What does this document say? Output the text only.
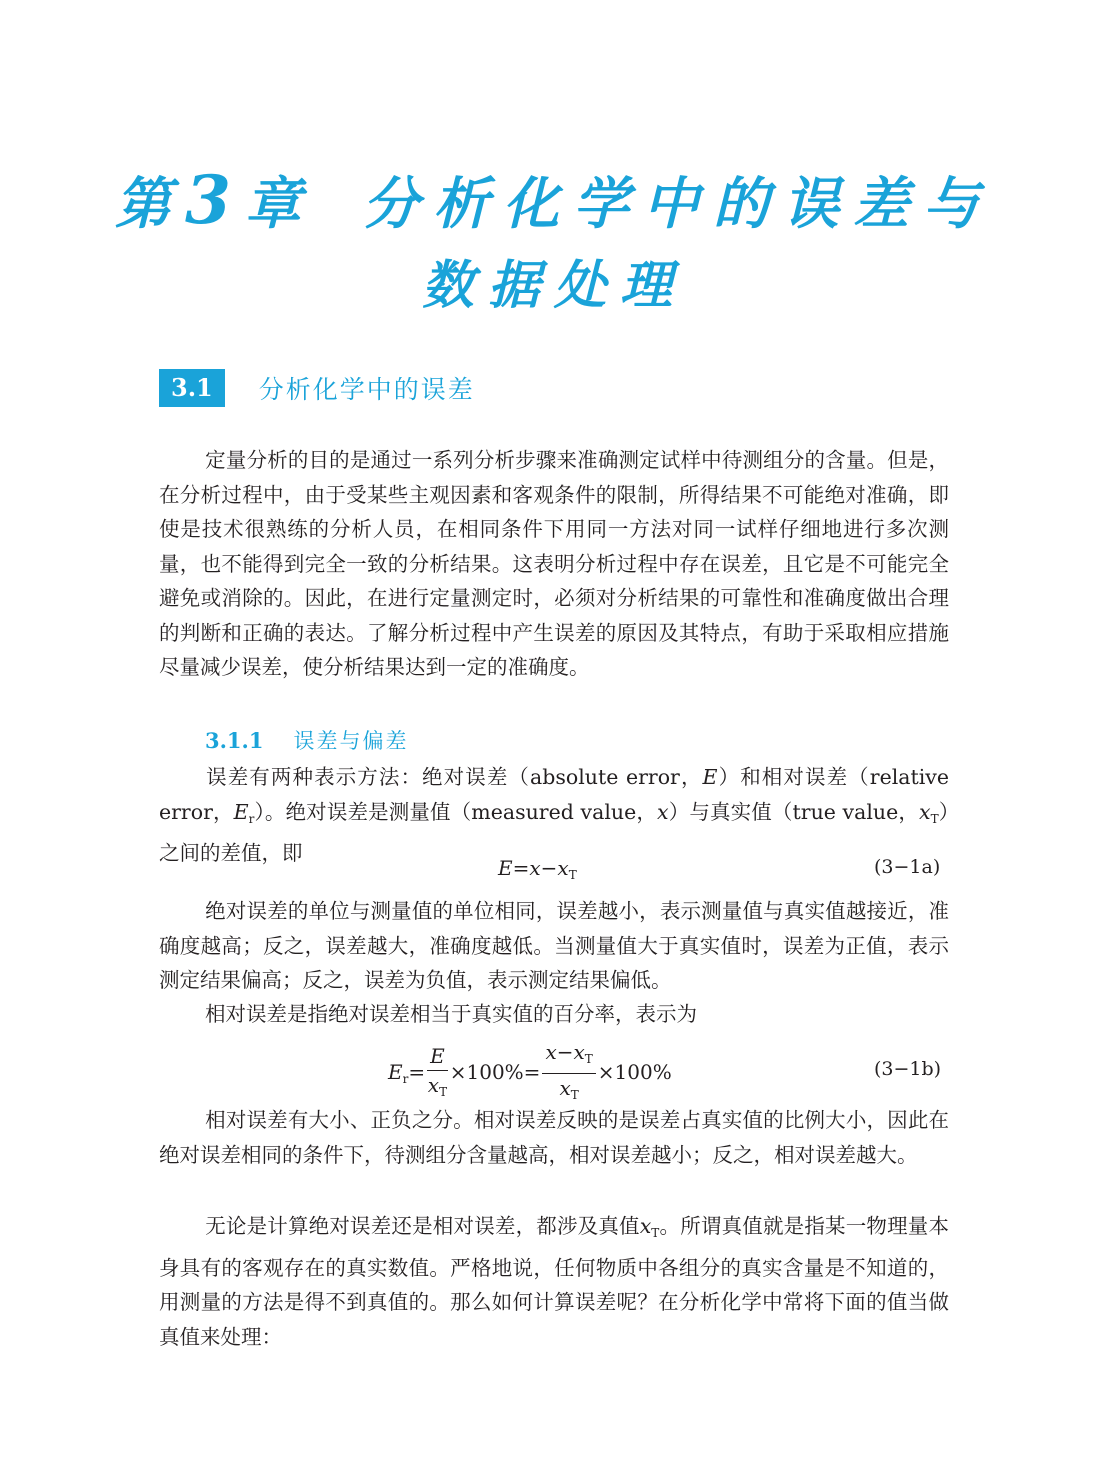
第3章 分析化学中的误差与
数据处理
3.1	分析化学中的误差

定量分析的目的是通过一系列分析步骤来准确测定试样中待测组分的含量。但是，在分析过程中，由于受某些主观因素和客观条件的限制，所得结果不可能绝对准确，即使是技术很熟练的分析人员，在相同条件下用同一方法对同一试样仔细地进行多次测量，也不能得到完全一致的分析结果。这表明分析过程中存在误差，且它是不可能完全避免或消除的。因此，在进行定量测定时，必须对分析结果的可靠性和准确度做出合理的判断和正确的表达。了解分析过程中产生误差的原因及其特点，有助于采取相应措施尽量减少误差，使分析结果达到一定的准确度。

3.1.1 误差与偏差

误差有两种表示方法：绝对误差（absolute error，E）和相对误差（relative error，$E_r$）。绝对误差是测量值（measured value，x）与真实值（true value，$x_T$）之间的差值，即

$E=x-x_T$	(3−1a)

绝对误差的单位与测量值的单位相同，误差越小，表示测量值与真实值越接近，准确度越高；反之，误差越大，准确度越低。当测量值大于真实值时，误差为正值，表示测定结果偏高；反之，误差为负值，表示测定结果偏低。

相对误差是指绝对误差相当于真实值的百分率，表示为

$E_r= \frac{E}{x_T} \times 100\%= \frac{x-x_T}{x_T} \times 100\%$	(3−1b)

相对误差有大小、正负之分。相对误差反映的是误差占真实值的比例大小，因此在绝对误差相同的条件下，待测组分含量越高，相对误差越小；反之，相对误差越大。

无论是计算绝对误差还是相对误差，都涉及真值$x_T$。所谓真值就是指某一物理量本身具有的客观存在的真实数值。严格地说，任何物质中各组分的真实含量是不知道的，用测量的方法是得不到真值的。那么如何计算误差呢？在分析化学中常将下面的值当做真值来处理：
